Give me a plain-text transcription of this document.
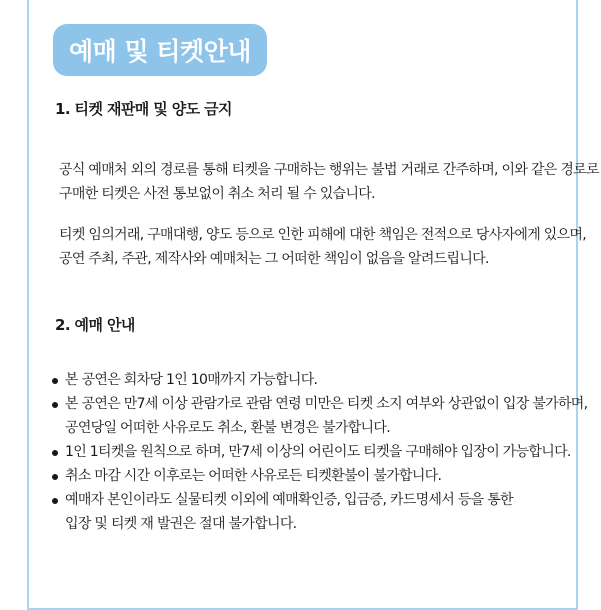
예매 및 티켓안내
1. 티켓 재판매 및 양도 금지

공식 예매처 외의 경로를 통해 티켓을 구매하는 행위는 불법 거래로 간주하며, 이와 같은 경로로
구매한 티켓은 사전 통보없이 취소 처리 될 수 있습니다.

티켓 임의거래, 구매대행, 양도 등으로 인한 피해에 대한 책임은 전적으로 당사자에게 있으며,
공연 주최, 주관, 제작사와 예매처는 그 어떠한 책임이 없음을 알려드립니다.

2. 예매 안내
본 공연은 회차당 1인 10매까지 가능합니다.
본 공연은 만7세 이상 관람가로 관람 연령 미만은 티켓 소지 여부와 상관없이 입장 불가하며,
공연당일 어떠한 사유로도 취소, 환불 변경은 불가합니다.
1인 1티켓을 원칙으로 하며, 만7세 이상의 어린이도 티켓을 구매해야 입장이 가능합니다.
취소 마감 시간 이후로는 어떠한 사유로든 티켓환불이 불가합니다.
예매자 본인이라도 실물티켓 이외에 예매확인증, 입금증, 카드명세서 등을 통한
입장 및 티켓 재 발권은 절대 불가합니다.
